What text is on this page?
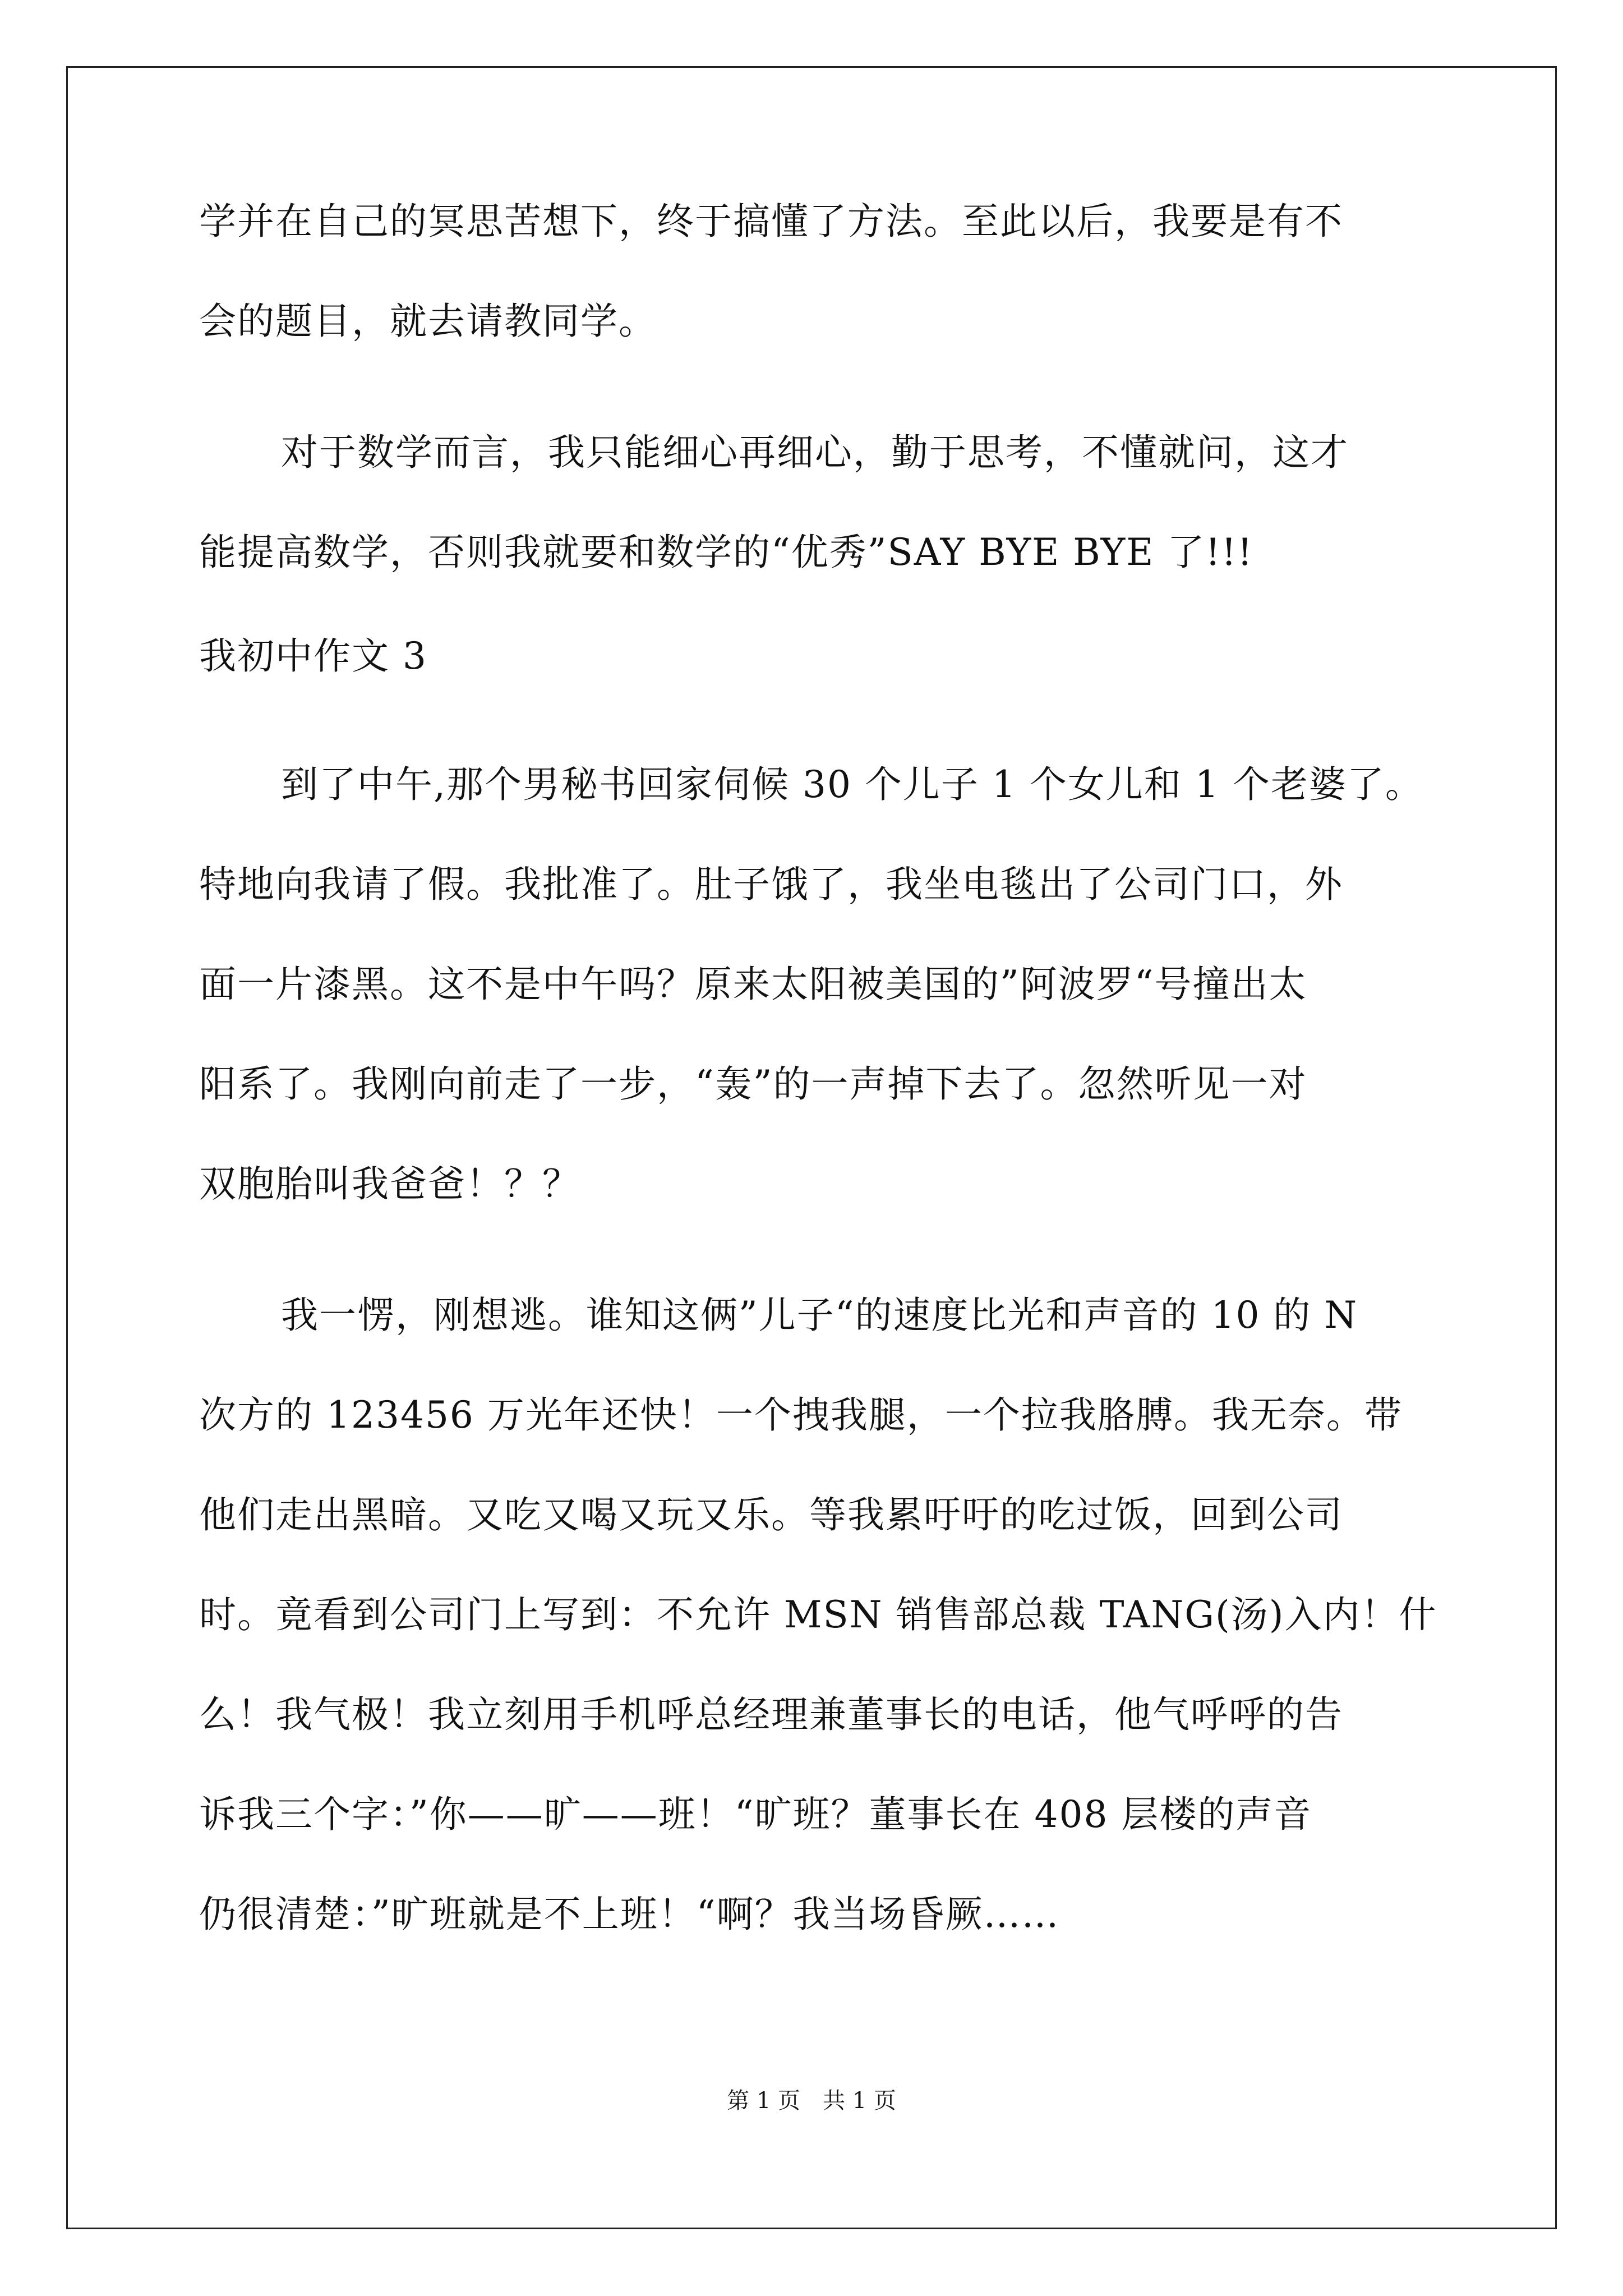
学并在自己的冥思苦想下，终于搞懂了方法。至此以后，我要是有不
会的题目，就去请教同学。
对于数学而言，我只能细心再细心，勤于思考，不懂就问，这才
能提高数学，否则我就要和数学的“优秀”SAY BYE BYE 了!!!
我初中作文 3
到了中午,那个男秘书回家伺候 30 个儿子 1 个女儿和 1 个老婆了。
特地向我请了假。我批准了。肚子饿了，我坐电毯出了公司门口，外
面一片漆黑。这不是中午吗？原来太阳被美国的”阿波罗“号撞出太
阳系了。我刚向前走了一步，“轰”的一声掉下去了。忽然听见一对
双胞胎叫我爸爸！？？
我一愣，刚想逃。谁知这俩”儿子“的速度比光和声音的 10 的 N
次方的 123456 万光年还快！一个拽我腿，一个拉我胳膊。我无奈。带
他们走出黑暗。又吃又喝又玩又乐。等我累吁吁的吃过饭，回到公司
时。竟看到公司门上写到：不允许 MSN 销售部总裁 TANG(汤)入内！什
么！我气极！我立刻用手机呼总经理兼董事长的电话，他气呼呼的告
诉我三个字：”你——旷——班！“旷班？董事长在 408 层楼的声音
仍很清楚：”旷班就是不上班！“啊？我当场昏厥……
第 1 页　共 1 页
